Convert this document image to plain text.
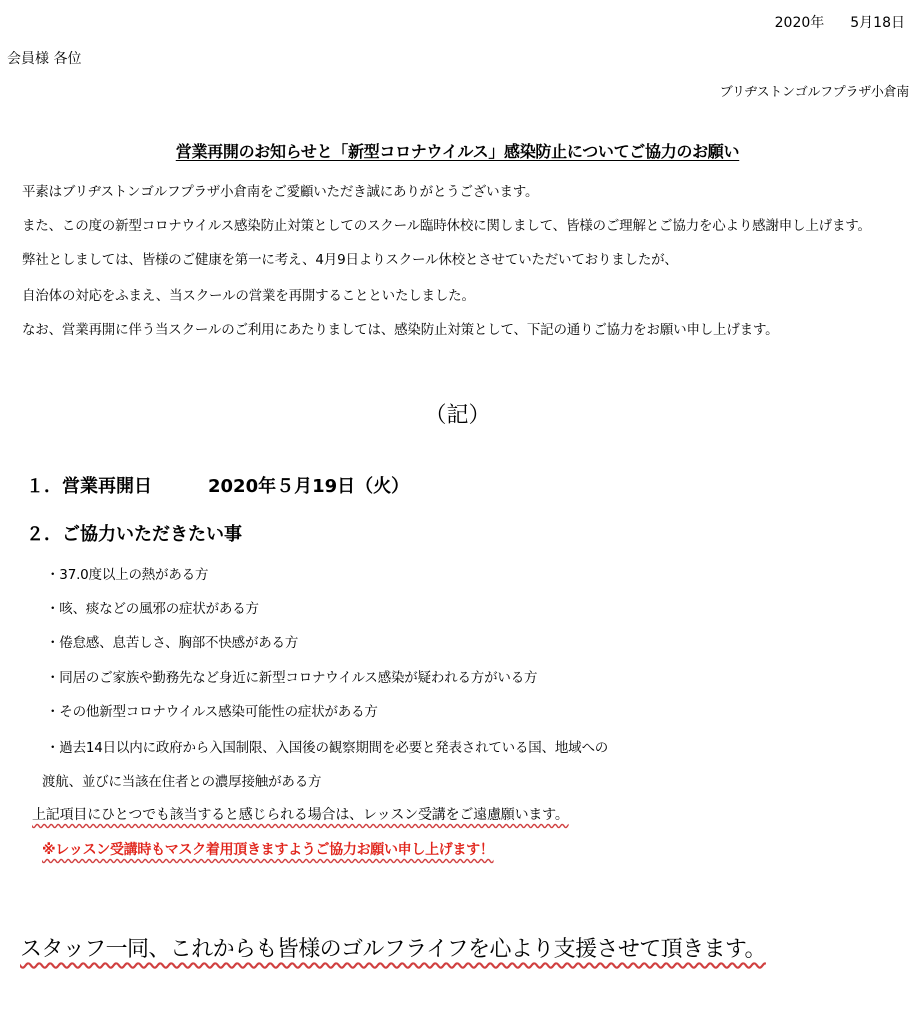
2020年 5月18日
会員様 各位
ブリヂストンゴルフプラザ小倉南
営業再開のお知らせと「新型コロナウイルス」感染防止についてご協力のお願い
平素はブリヂストンゴルフプラザ小倉南をご愛顧いただき誠にありがとうございます。
また、この度の新型コロナウイルス感染防止対策としてのスクール臨時休校に関しまして、皆様のご理解とご協力を心より感謝申し上げます。
弊社としましては、皆様のご健康を第一に考え、4月9日よりスクール休校とさせていただいておりましたが、
自治体の対応をふまえ、当スクールの営業を再開することといたしました。
なお、営業再開に伴う当スクールのご利用にあたりましては、感染防止対策として、下記の通りご協力をお願い申し上げます。
（記）
１．営業再開日	2020年５月19日（火）
２．ご協力いただきたい事
・37.0度以上の熱がある方
・咳、痰などの風邪の症状がある方
・倦怠感、息苦しさ、胸部不快感がある方
・同居のご家族や勤務先など身近に新型コロナウイルス感染が疑われる方がいる方
・その他新型コロナウイルス感染可能性の症状がある方
・過去14日以内に政府から入国制限、入国後の観察期間を必要と発表されている国、地域への
渡航、並びに当該在住者との濃厚接触がある方
上記項目にひとつでも該当すると感じられる場合は、レッスン受講をご遠慮願います。
※レッスン受講時もマスク着用頂きますようご協力お願い申し上げます！
スタッフ一同、これからも皆様のゴルフライフを心より支援させて頂きます。
